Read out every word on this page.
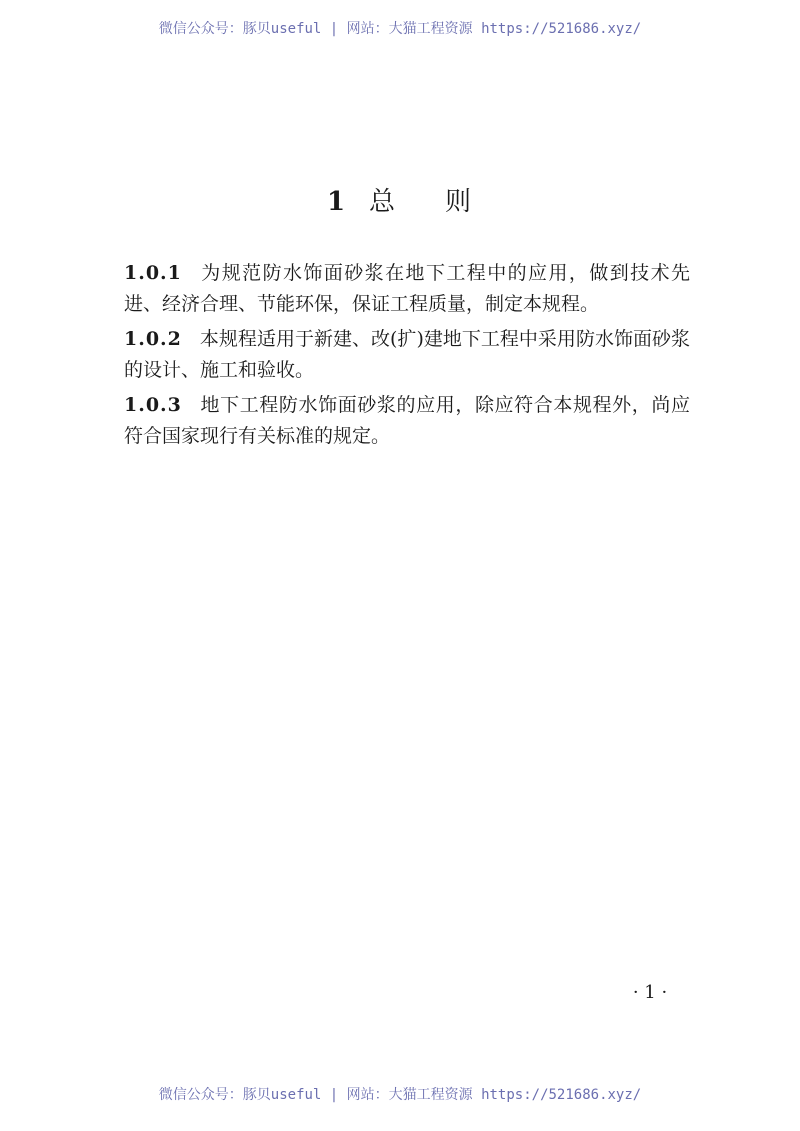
微信公众号：豚贝useful | 网站：大猫工程资源 https://521686.xyz/
1 总 则

1.0.1 为规范防水饰面砂浆在地下工程中的应用，做到技术先进、经济合理、节能环保，保证工程质量，制定本规程。

1.0.2 本规程适用于新建、改(扩)建地下工程中采用防水饰面砂浆的设计、施工和验收。

1.0.3 地下工程防水饰面砂浆的应用，除应符合本规程外，尚应符合国家现行有关标准的规定。

· 1 ·
微信公众号：豚贝useful | 网站：大猫工程资源 https://521686.xyz/
